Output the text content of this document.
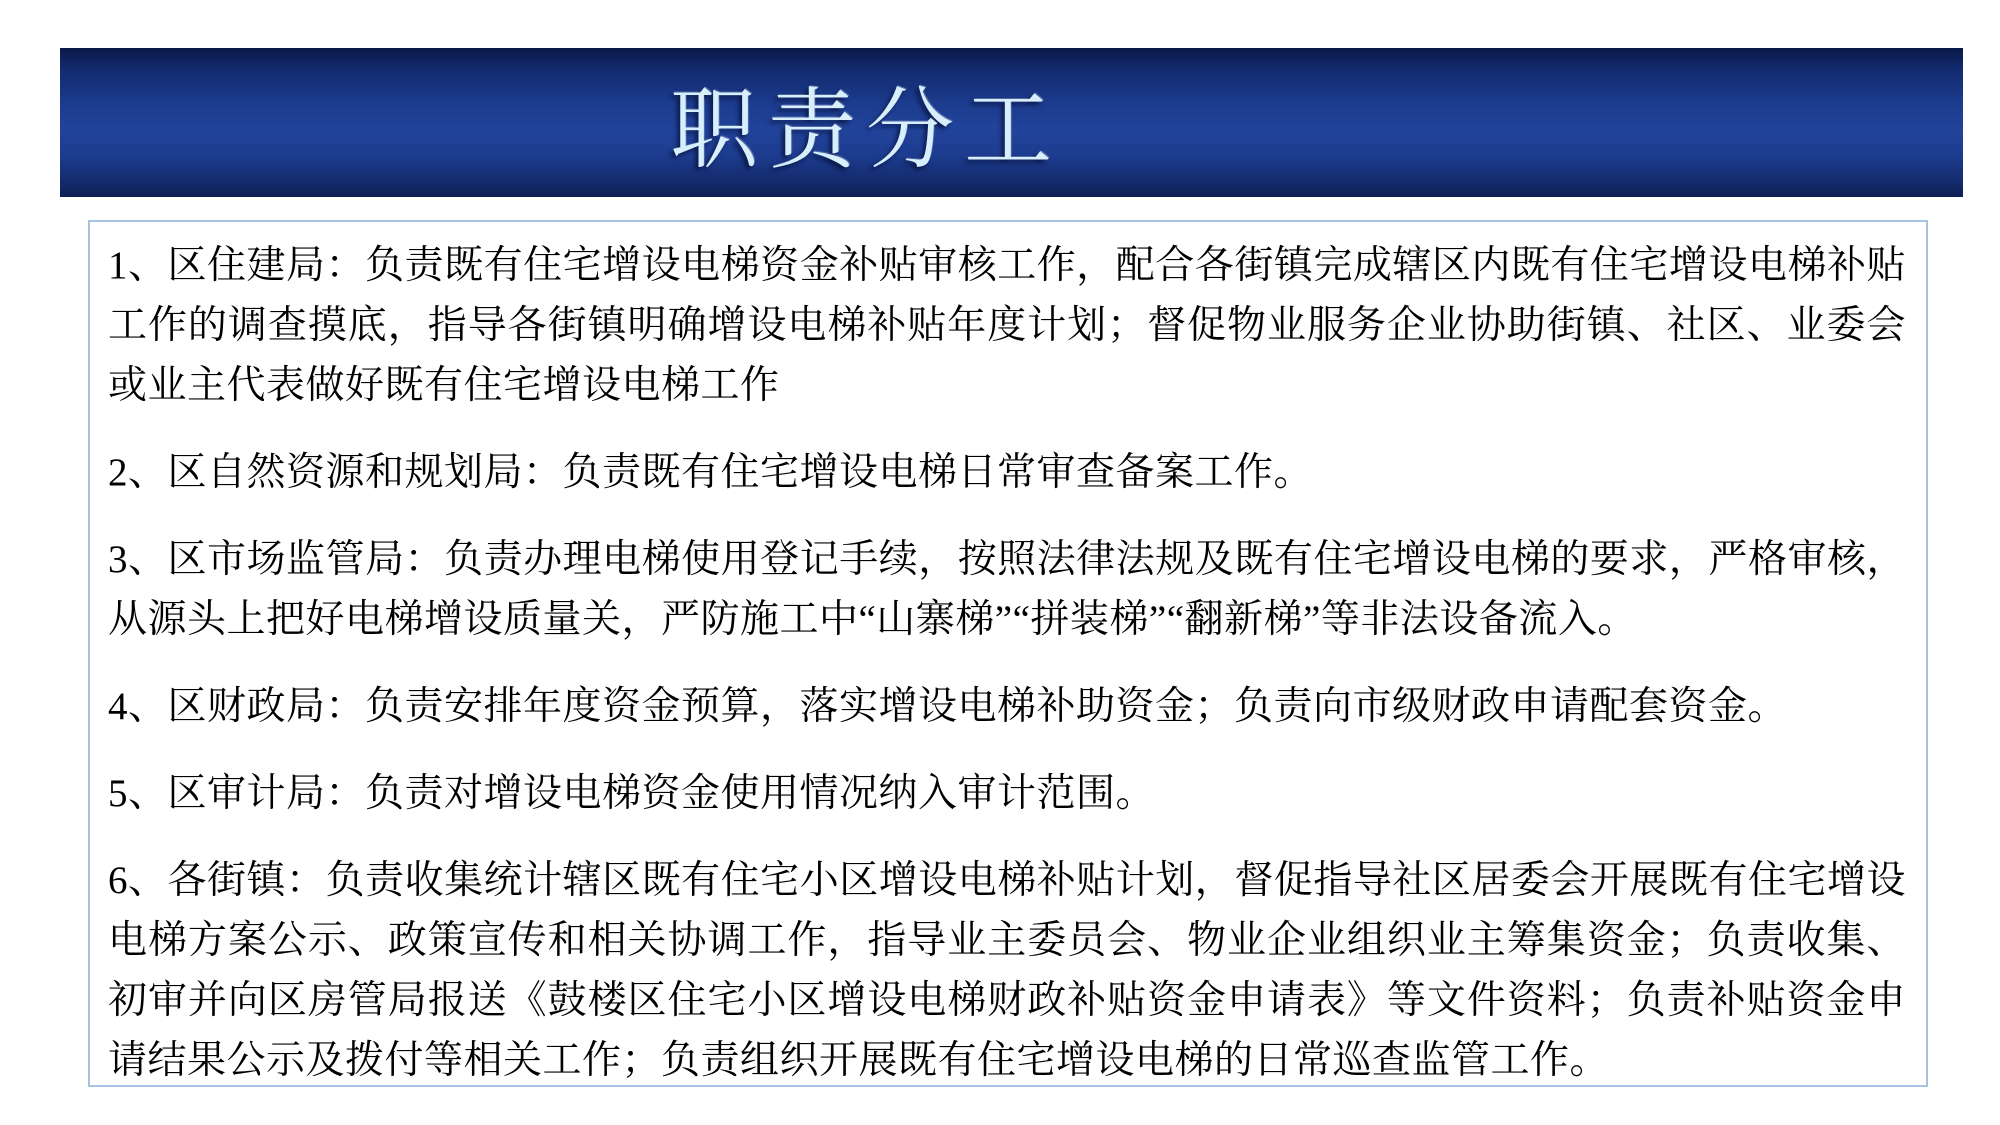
职责分工

1、区住建局：负责既有住宅增设电梯资金补贴审核工作，配合各街镇完成辖区内既有住宅增设电梯补贴工作的调查摸底，指导各街镇明确增设电梯补贴年度计划；督促物业服务企业协助街镇、社区、业委会或业主代表做好既有住宅增设电梯工作

2、区自然资源和规划局：负责既有住宅增设电梯日常审查备案工作。

3、区市场监管局：负责办理电梯使用登记手续，按照法律法规及既有住宅增设电梯的要求，严格审核，从源头上把好电梯增设质量关，严防施工中“山寨梯”“拼装梯”“翻新梯”等非法设备流入。

4、区财政局：负责安排年度资金预算，落实增设电梯补助资金；负责向市级财政申请配套资金。

5、区审计局：负责对增设电梯资金使用情况纳入审计范围。

6、各街镇：负责收集统计辖区既有住宅小区增设电梯补贴计划，督促指导社区居委会开展既有住宅增设电梯方案公示、政策宣传和相关协调工作，指导业主委员会、物业企业组织业主筹集资金；负责收集、初审并向区房管局报送《鼓楼区住宅小区增设电梯财政补贴资金申请表》等文件资料；负责补贴资金申请结果公示及拨付等相关工作；负责组织开展既有住宅增设电梯的日常巡查监管工作。
